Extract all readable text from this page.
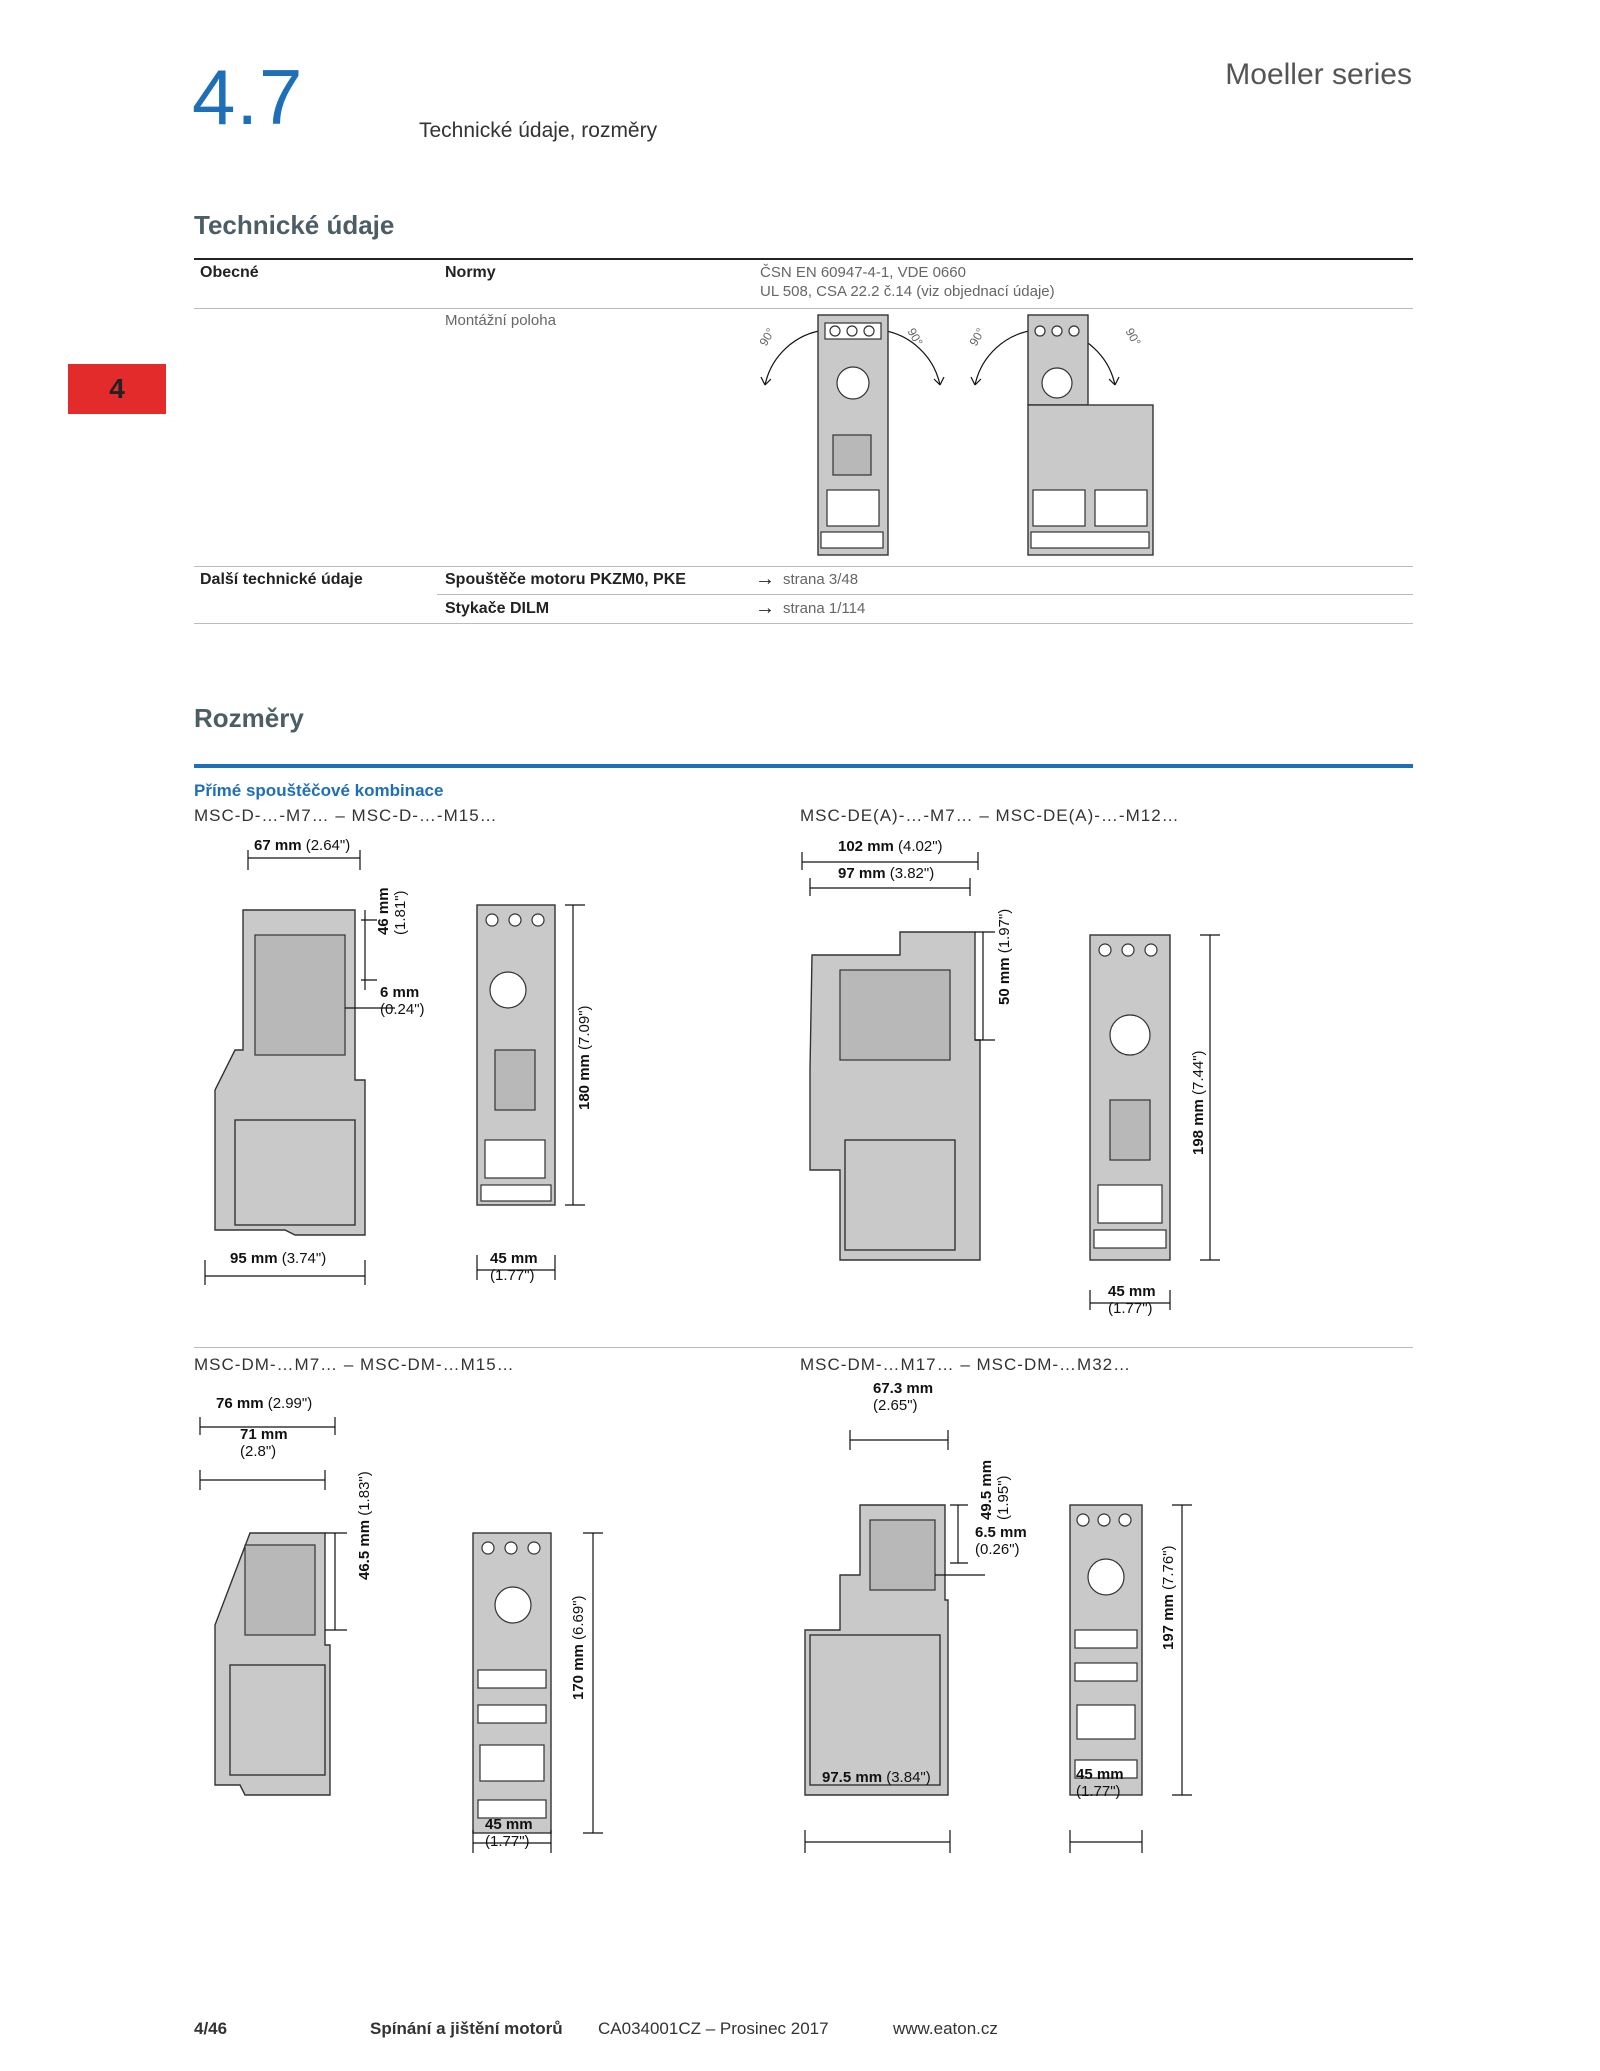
4.7	Technické údaje, rozměry
Moeller series
4
Technické údaje
Obecné	Normy	ČSN EN 60947-4-1, VDE 0660
UL 508, CSA 22.2 č.14 (viz objednací údaje)
Montážní poloha
90°	90°	90°	90°
Další technické údaje	Spouštěče motoru PKZM0, PKE	→ strana 3/48
Stykače DILM	→ strana 1/114
Rozměry
Přímé spouštěčové kombinace
MSC-D-…-M7… – MSC-D-…-M15…
67 mm (2.64")
46 mm (1.81")
6 mm
(0.24")
95 mm (3.74")
180 mm (7.09")
45 mm
(1.77")
MSC-DE(A)-…-M7… – MSC-DE(A)-…-M12…
102 mm (4.02")
97 mm (3.82")
50 mm (1.97")
198 mm (7.44")
45 mm
(1.77")
MSC-DM-…M7… – MSC-DM-…M15…
76 mm (2.99")
71 mm
(2.8")
46.5 mm (1.83")
170 mm (6.69")
45 mm
(1.77")
MSC-DM-…M17… – MSC-DM-…M32…
67.3 mm
(2.65")
49.5 mm (1.95")
6.5 mm
(0.26")
97.5 mm (3.84")
197 mm (7.76")
45 mm
(1.77")
4/46	Spínání a jištění motorů CA034001CZ – Prosinec 2017	www.eaton.cz
